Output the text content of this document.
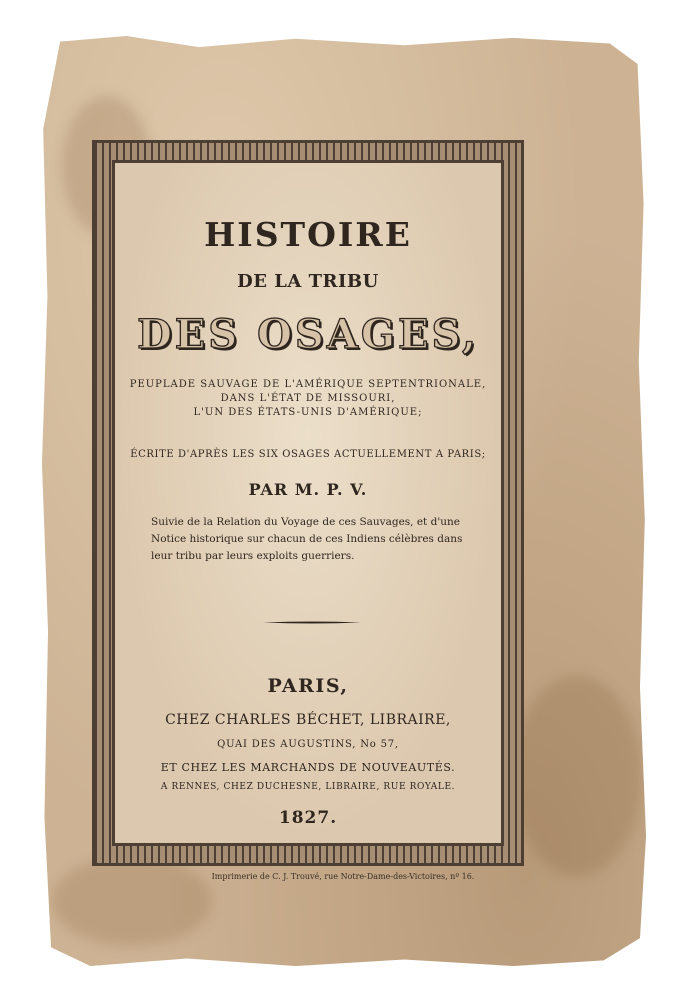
HISTOIRE
DE LA TRIBU
DES OSAGES,
PEUPLADE SAUVAGE DE L'AMÉRIQUE SEPTENTRIONALE,
DANS L'ÉTAT DE MISSOURI,
L'UN DES ÉTATS-UNIS D'AMÉRIQUE;
ÉCRITE D'APRÈS LES SIX OSAGES ACTUELLEMENT A PARIS;
PAR M. P. V.
Suivie de la Relation du Voyage de ces Sauvages, et d'une Notice historique sur chacun de ces Indiens célèbres dans leur tribu par leurs exploits guerriers.
PARIS,
CHEZ CHARLES BÉCHET, LIBRAIRE,
QUAI DES AUGUSTINS, No 57,
ET CHEZ LES MARCHANDS DE NOUVEAUTÉS.
A RENNES, CHEZ DUCHESNE, LIBRAIRE, RUE ROYALE.
1827.
Imprimerie de C. J. Trouvé, rue Notre-Dame-des-Victoires, nº 16.
